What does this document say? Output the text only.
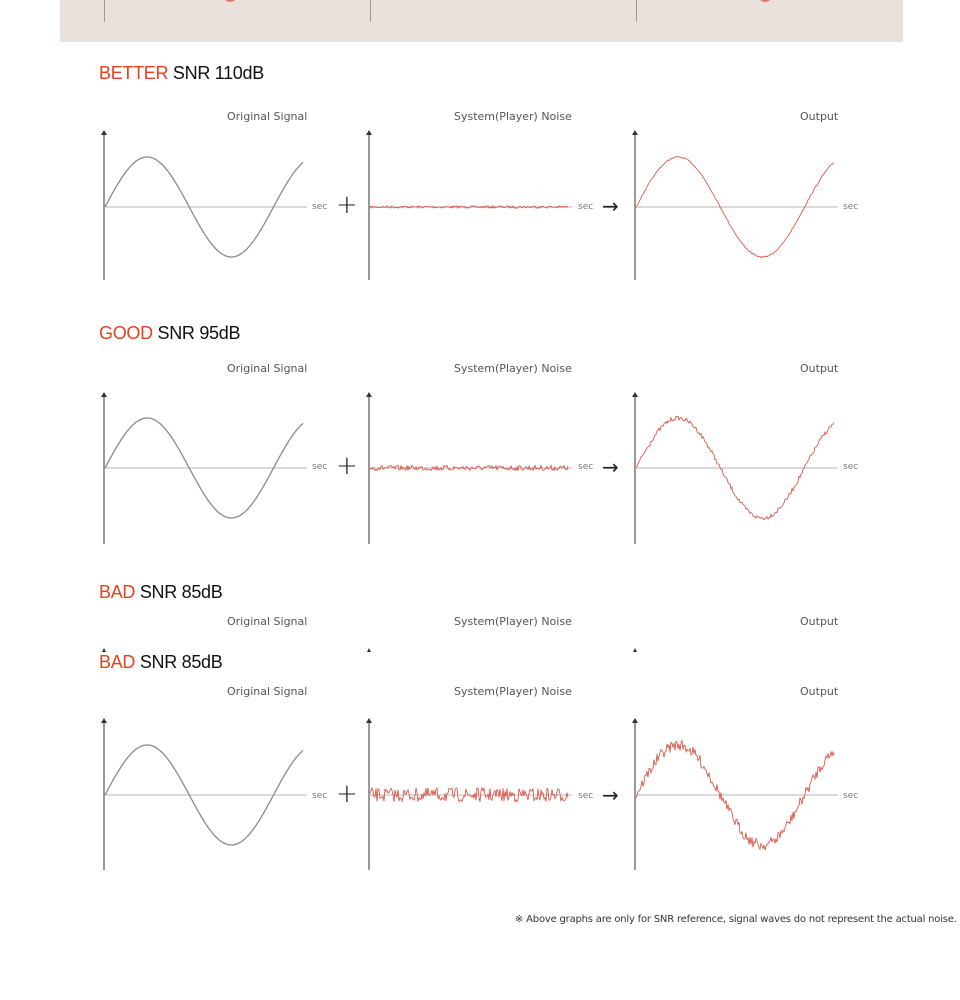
BETTER SNR 110dB
Original Signal	System(Player) Noise	Output
sec +	sec →	sec
GOOD SNR 95dB
Original Signal	System(Player) Noise	Output
sec +	sec →	sec
BAD SNR 85dB
Original Signal	System(Player) Noise	Output
BAD SNR 85dB
Original Signal	System(Player) Noise	Output
sec +	sec →	sec
※ Above graphs are only for SNR reference, signal waves do not represent the actual noise.
